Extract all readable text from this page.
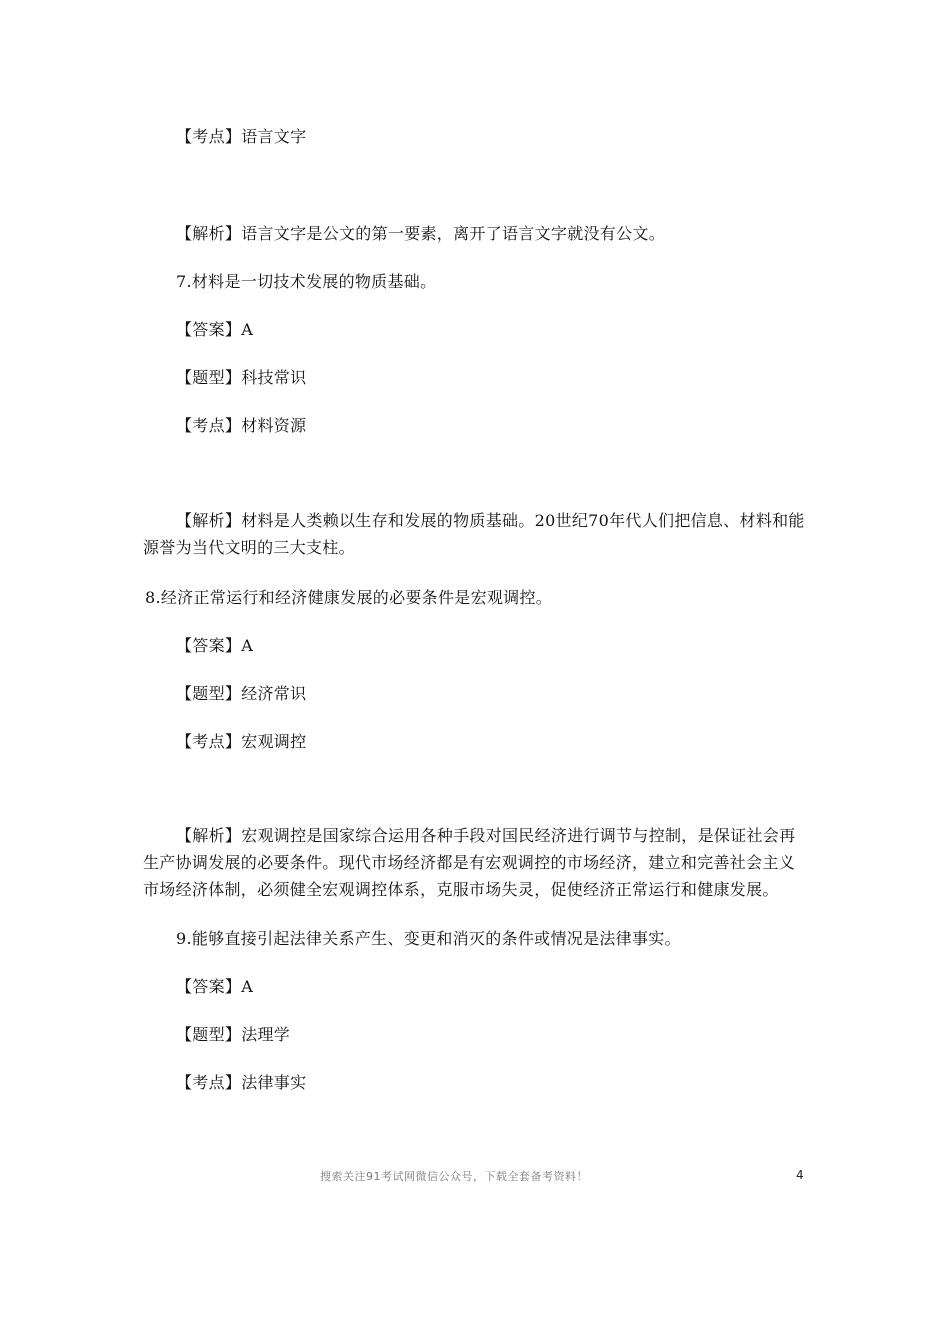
【考点】语言文字
【解析】语言文字是公文的第一要素，离开了语言文字就没有公文。
7.材料是一切技术发展的物质基础。
【答案】A
【题型】科技常识
【考点】材料资源
【解析】材料是人类赖以生存和发展的物质基础。20世纪70年代人们把信息、材料和能源誉为当代文明的三大支柱。
8.经济正常运行和经济健康发展的必要条件是宏观调控。
【答案】A
【题型】经济常识
【考点】宏观调控
【解析】宏观调控是国家综合运用各种手段对国民经济进行调节与控制，是保证社会再生产协调发展的必要条件。现代市场经济都是有宏观调控的市场经济，建立和完善社会主义市场经济体制，必须健全宏观调控体系，克服市场失灵，促使经济正常运行和健康发展。
9.能够直接引起法律关系产生、变更和消灭的条件或情况是法律事实。
【答案】A
【题型】法理学
【考点】法律事实
搜索关注91考试网微信公众号，下载全套备考资料！	4
